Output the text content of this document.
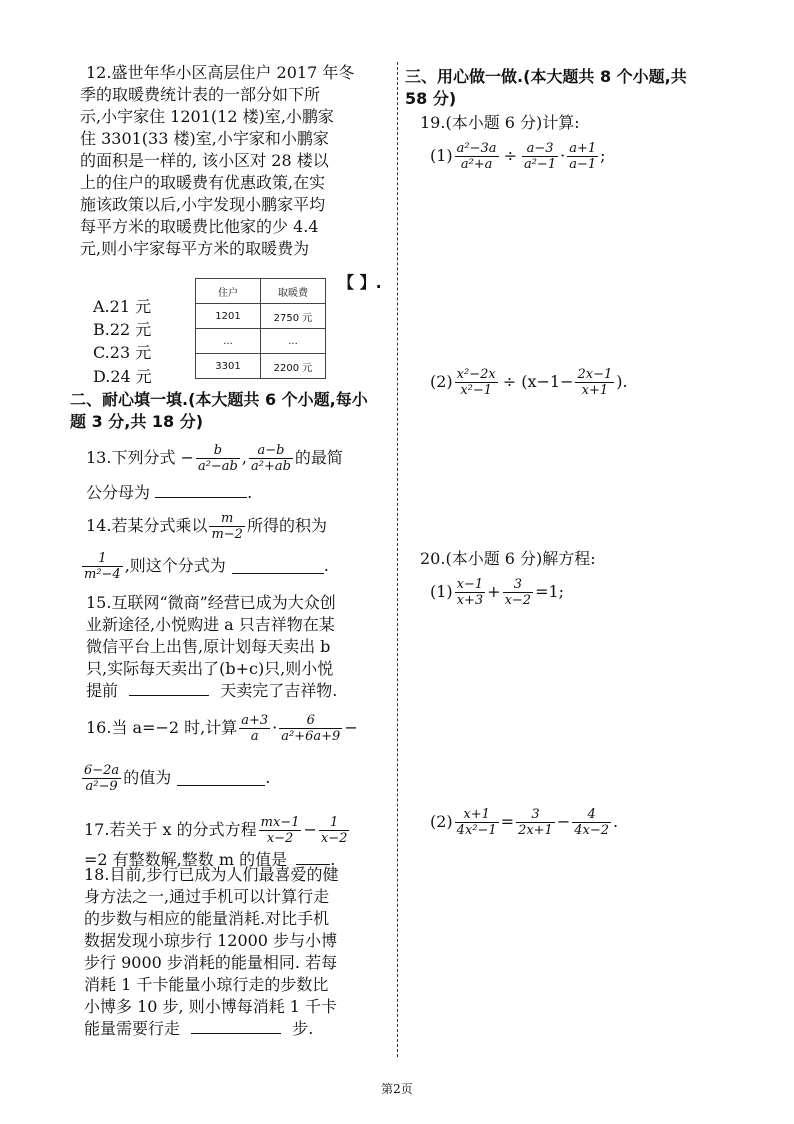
12.盛世年华小区高层住户 2017 年冬
季的取暖费统计表的一部分如下所
示,小宇家住 1201(12 楼)室,小鹏家
住 3301(33 楼)室,小宇家和小鹏家
的面积是一样的, 该小区对 28 楼以
上的住户的取暖费有优惠政策,在实
施该政策以后,小宇发现小鹏家平均
每平方米的取暖费比他家的少 4.4
元,则小宇家每平方米的取暖费为
【 】.
住户	取暖费
1201	2750 元
...	...
3301	2200 元
A.21 元
B.22 元
C.23 元
D.24 元
二、耐心填一填.(本大题共 6 个小题,每小
题 3 分,共 18 分)
13.下列分式 − $\frac{b}{\text{a²−ab}}$ , $\frac{a-b}{\text{a²+ab}}$ 的最简
公分母为	.
14.若某分式乘以 $\frac{m}{m-2}$ 所得的积为
$\frac{1}{\text{m²−4}}$ ,则这个分式为	.
15.互联网“微商”经营已成为大众创
业新途径,小悦购进 a 只吉祥物在某
微信平台上出售,原计划每天卖出 b
只,实际每天卖出了(b+c)只,则小悦
提前	天卖完了吉祥物.
16.当 a=−2 时,计算 $\frac{a+3}{a} \cdot \frac{6}{\text{a²+6a+9}}$ −
$\frac{6-2a}{\text{a²−9}}$ 的值为	.
17.若关于 x 的分式方程 $\frac{mx-1}{x-2} - \frac{1}{x-2}$
=2 有整数解,整数 m 的值是	.
18.目前,步行已成为人们最喜爱的健
身方法之一,通过手机可以计算行走
的步数与相应的能量消耗.对比手机
数据发现小琼步行 12000 步与小博
步行 9000 步消耗的能量相同. 若每
消耗 1 千卡能量小琼行走的步数比
小博多 10 步, 则小博每消耗 1 千卡
能量需要行走	步.
三、用心做一做.(本大题共 8 个小题,共
58 分)
19.(本小题 6 分)计算:
$(1) \frac{\text{a²−3a}}{\text{a²+a}} \div \frac{a-3}{\text{a²−1}} \cdot \frac{a+1}{a-1}$ ;
$(2) \frac{\text{x²−2x}}{\text{x²−1}} \div (x-1- \frac{2x-1}{x+1}$ ).
20.(本小题 6 分)解方程:
$(1) \frac{x-1}{x+3} + \frac{3}{x-2} =1$;
$(2) \frac{x+1}{\text{4x²−1}} = \frac{3}{2x+1} - \frac{4}{4x-2}$ .
第2页
